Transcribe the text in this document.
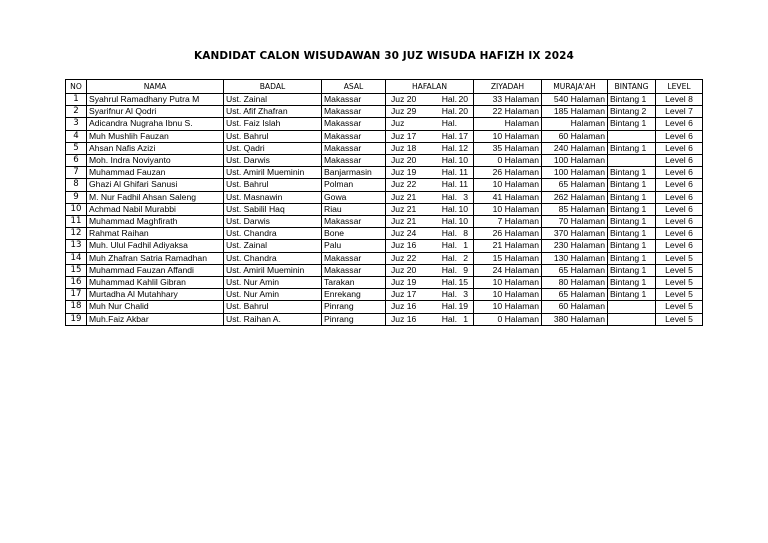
KANDIDAT CALON WISUDAWAN 30 JUZ WISUDA HAFIZH IX 2024
NO	NAMA	BADAL	ASAL	HAFALAN	ZIYADAH	MURAJA'AH	BINTANG	LEVEL
1	Syahrul Ramadhany Putra M	Ust. Zainal	Makassar	Juz 20 Hal.20	33 Halaman	540 Halaman	Bintang 1	Level 8
2	Syarifnur Al Qodri	Ust. Afif Zhafran	Makassar	Juz 29 Hal.20	22 Halaman	185 Halaman	Bintang 2	Level 7
3	Adicandra Nugraha Ibnu S.	Ust. Faiz Islah	Makassar	Juz Hal.	Halaman	Halaman	Bintang 1	Level 6
4	Muh Mushlih Fauzan	Ust. Bahrul	Makassar	Juz 17 Hal.17	10 Halaman	60 Halaman		Level 6
5	Ahsan Nafis Azizi	Ust. Qadri	Makassar	Juz 18 Hal.12	35 Halaman	240 Halaman	Bintang 1	Level 6
6	Moh. Indra Noviyanto	Ust. Darwis	Makassar	Juz 20 Hal.10	0 Halaman	100 Halaman		Level 6
7	Muhammad Fauzan	Ust. Amiril Mueminin	Banjarmasin	Juz 19 Hal. 11	26 Halaman	100 Halaman	Bintang 1	Level 6
8	Ghazi Al Ghifari Sanusi	Ust. Bahrul	Polman	Juz 22 Hal. 11	10 Halaman	65 Halaman	Bintang 1	Level 6
9	M. Nur Fadhil Ahsan Saleng	Ust. Masnawin	Gowa	Juz 21 Hal. 3	41 Halaman	262 Halaman	Bintang 1	Level 6
10	Achmad Nabil Murabbi	Ust. Sabilil Haq	Riau	Juz 21 Hal.10	10 Halaman	85 Halaman	Bintang 1	Level 6
11	Muhammad Maghfirath	Ust. Darwis	Makassar	Juz 21 Hal.10	7 Halaman	70 Halaman	Bintang 1	Level 6
12	Rahmat Raihan	Ust. Chandra	Bone	Juz 24 Hal. 8	26 Halaman	370 Halaman	Bintang 1	Level 6
13	Muh. Ulul Fadhil Adiyaksa	Ust. Zainal	Palu	Juz 16 Hal. 1	21 Halaman	230 Halaman	Bintang 1	Level 6
14	Muh Zhafran Satria Ramadhan	Ust. Chandra	Makassar	Juz 22 Hal. 2	15 Halaman	130 Halaman	Bintang 1	Level 5
15	Muhammad Fauzan Affandi	Ust. Amiril Mueminin	Makassar	Juz 20 Hal. 9	24 Halaman	65 Halaman	Bintang 1	Level 5
16	Muhammad Kahlil Gibran	Ust. Nur Amin	Tarakan	Juz 19 Hal.15	10 Halaman	80 Halaman	Bintang 1	Level 5
17	Murtadha Al Mutahhary	Ust. Nur Amin	Enrekang	Juz 17 Hal. 3	10 Halaman	65 Halaman	Bintang 1	Level 5
18	Muh Nur Chalid	Ust. Bahrul	Pinrang	Juz 16 Hal.19	10 Halaman	60 Halaman		Level 5
19	Muh.Faiz Akbar	Ust. Raihan A.	Pinrang	Juz 16 Hal. 1	0 Halaman	380 Halaman		Level 5
